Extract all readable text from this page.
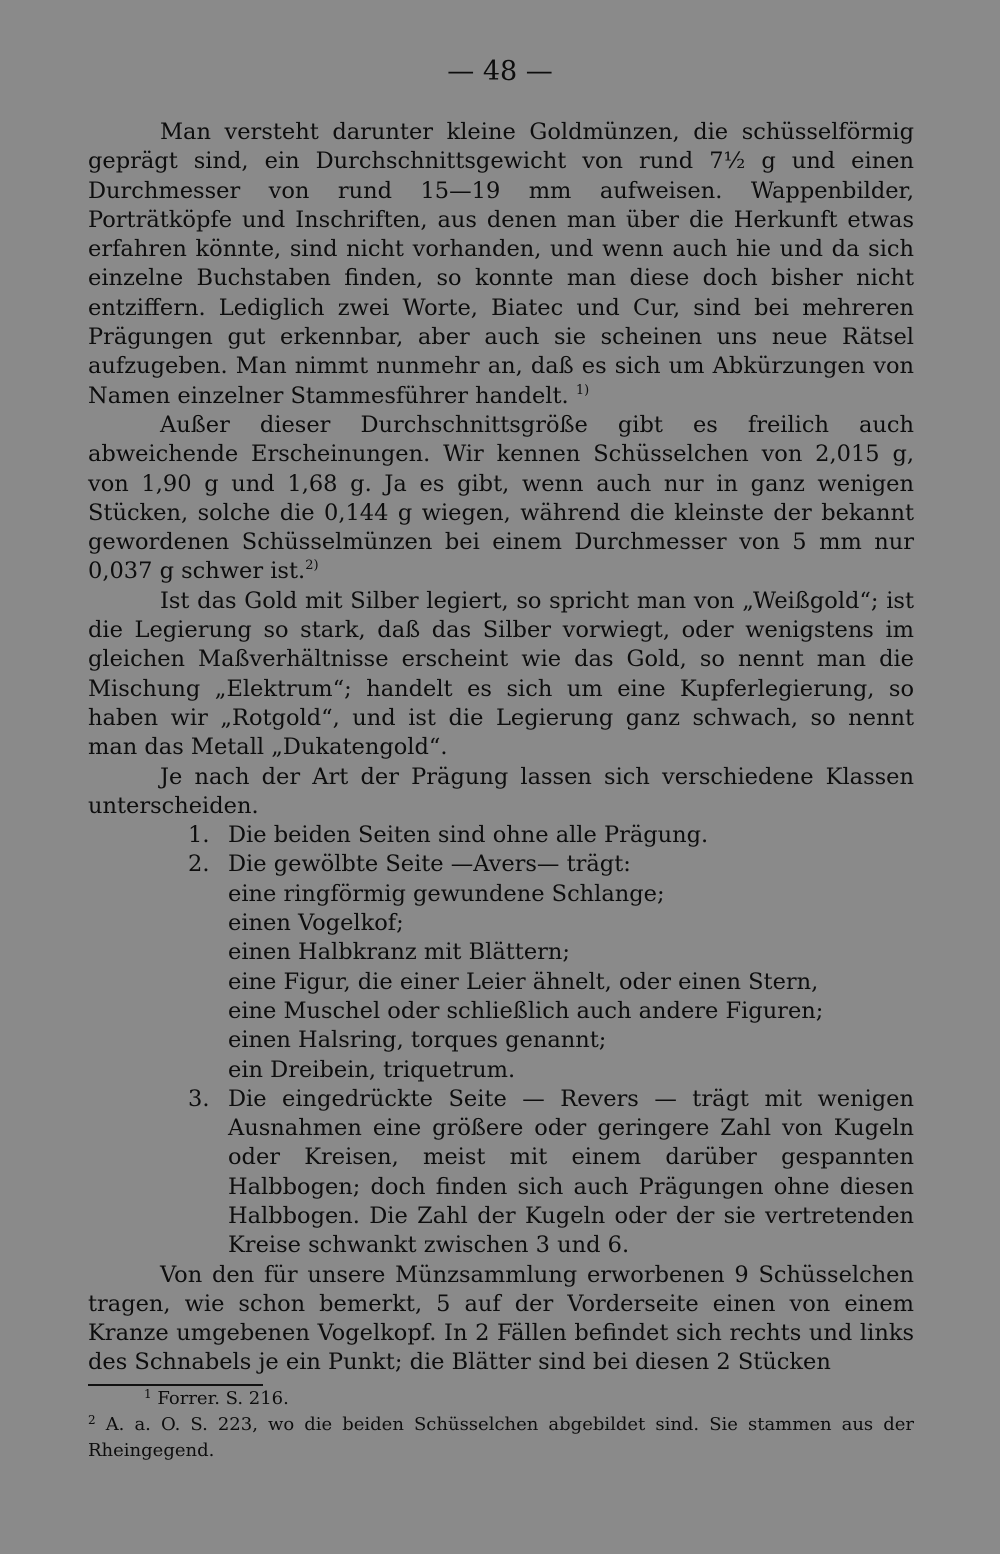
— 48 —

Man versteht darunter kleine Goldmünzen, die schüsselförmig geprägt sind, ein Durchschnittsgewicht von rund 7½ g und einen Durchmesser von rund 15—19 mm aufweisen. Wappenbilder, Porträtköpfe und Inschriften, aus denen man über die Herkunft etwas erfahren könnte, sind nicht vorhanden, und wenn auch hie und da sich einzelne Buchstaben finden, so konnte man diese doch bisher nicht entziffern. Lediglich zwei Worte, Biatec und Cur, sind bei mehreren Prägungen gut erkennbar, aber auch sie scheinen uns neue Rätsel aufzugeben. Man nimmt nunmehr an, daß es sich um Abkürzungen von Namen einzelner Stammesführer handelt. $^{1)}$

Außer dieser Durchschnittsgröße gibt es freilich auch abweichende Erscheinungen. Wir kennen Schüsselchen von 2,015 g, von 1,90 g und 1,68 g. Ja es gibt, wenn auch nur in ganz wenigen Stücken, solche die 0,144 g wiegen, während die kleinste der bekannt gewordenen Schüsselmünzen bei einem Durchmesser von 5 mm nur 0,037 g schwer ist.$^{2)}$

Ist das Gold mit Silber legiert, so spricht man von „Weißgold“; ist die Legierung so stark, daß das Silber vorwiegt, oder wenigstens im gleichen Maßverhältnisse erscheint wie das Gold, so nennt man die Mischung „Elektrum“; handelt es sich um eine Kupferlegierung, so haben wir „Rotgold“, und ist die Legierung ganz schwach, so nennt man das Metall „Dukatengold“.

Je nach der Art der Prägung lassen sich verschiedene Klassen unterscheiden.

1. Die beiden Seiten sind ohne alle Prägung.
2. Die gewölbte Seite —Avers— trägt:
eine ringförmig gewundene Schlange;
einen Vogelkof;
einen Halbkranz mit Blättern;
eine Figur, die einer Leier ähnelt, oder einen Stern,
eine Muschel oder schließlich auch andere Figuren;
einen Halsring, torques genannt;
ein Dreibein, triquetrum.
3. Die eingedrückte Seite — Revers — trägt mit wenigen Ausnahmen eine größere oder geringere Zahl von Kugeln oder Kreisen, meist mit einem darüber gespannten Halbbogen; doch finden sich auch Prägungen ohne diesen Halbbogen. Die Zahl der Kugeln oder der sie vertretenden Kreise schwankt zwischen 3 und 6.

Von den für unsere Münzsammlung erworbenen 9 Schüsselchen tragen, wie schon bemerkt, 5 auf der Vorderseite einen von einem Kranze umgebenen Vogelkopf. In 2 Fällen befindet sich rechts und links des Schnabels je ein Punkt; die Blätter sind bei diesen 2 Stücken

$^1$ Forrer. S. 216.

$^2$ A. a. O. S. 223, wo die beiden Schüsselchen abgebildet sind. Sie stammen aus der Rheingegend.
